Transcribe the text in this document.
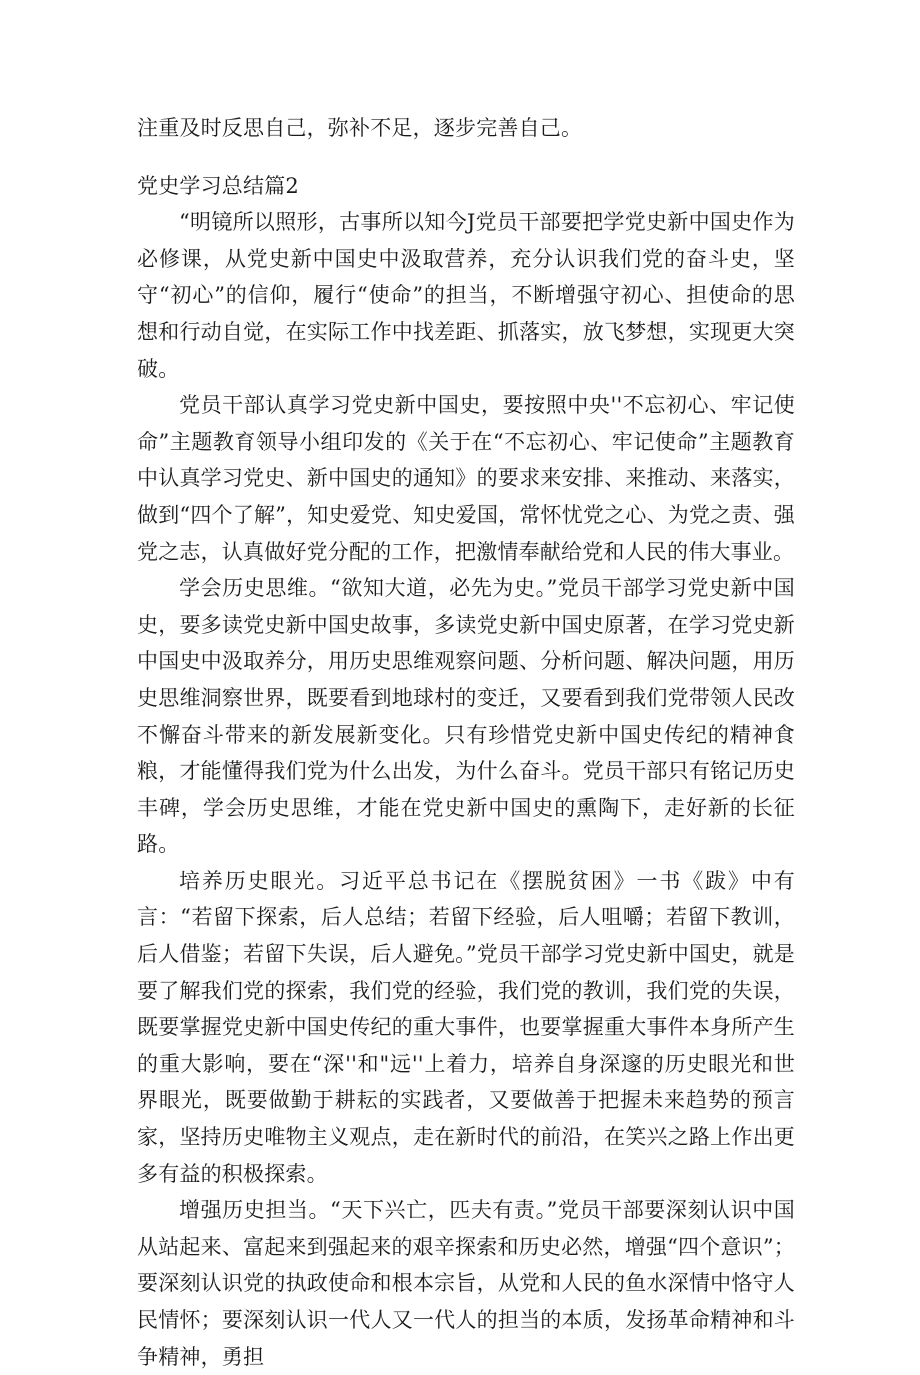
注重及时反思自己，弥补不足，逐步完善自己。

党史学习总结篇2

“明镜所以照形，古事所以知今J党员干部要把学党史新中国史作为必修课，从党史新中国史中汲取营养，充分认识我们党的奋斗史，坚守“初心”的信仰，履行“使命”的担当，不断增强守初心、担使命的思想和行动自觉，在实际工作中找差距、抓落实，放飞梦想，实现更大突破。

党员干部认真学习党史新中国史，要按照中央''不忘初心、牢记使命”主题教育领导小组印发的《关于在“不忘初心、牢记使命”主题教育中认真学习党史、新中国史的通知》的要求来安排、来推动、来落实，做到“四个了解”，知史爱党、知史爱国，常怀忧党之心、为党之责、强党之志，认真做好党分配的工作，把激情奉献给党和人民的伟大事业。

学会历史思维。“欲知大道，必先为史。”党员干部学习党史新中国史，要多读党史新中国史故事，多读党史新中国史原著，在学习党史新中国史中汲取养分，用历史思维观察问题、分析问题、解决问题，用历史思维洞察世界，既要看到地球村的变迁，又要看到我们党带领人民改不懈奋斗带来的新发展新变化。只有珍惜党史新中国史传纪的精神食粮，才能懂得我们党为什么出发，为什么奋斗。党员干部只有铭记历史丰碑，学会历史思维，才能在党史新中国史的熏陶下，走好新的长征路。

培养历史眼光。习近平总书记在《摆脱贫困》一书《跋》中有言：“若留下探索，后人总结；若留下经验，后人咀嚼；若留下教训，后人借鉴；若留下失误，后人避免。”党员干部学习党史新中国史，就是要了解我们党的探索，我们党的经验，我们党的教训，我们党的失误，既要掌握党史新中国史传纪的重大事件，也要掌握重大事件本身所产生的重大影响，要在“深''和"远''上着力，培养自身深邃的历史眼光和世界眼光，既要做勤于耕耘的实践者，又要做善于把握未来趋势的预言家，坚持历史唯物主义观点，走在新时代的前沿，在笑兴之路上作出更多有益的积极探索。

增强历史担当。“天下兴亡，匹夫有责。”党员干部要深刻认识中国从站起来、富起来到强起来的艰辛探索和历史必然，增强“四个意识”；要深刻认识党的执政使命和根本宗旨，从党和人民的鱼水深情中恪守人民情怀；要深刻认识一代人又一代人的担当的本质，发扬革命精神和斗争精神，勇担
